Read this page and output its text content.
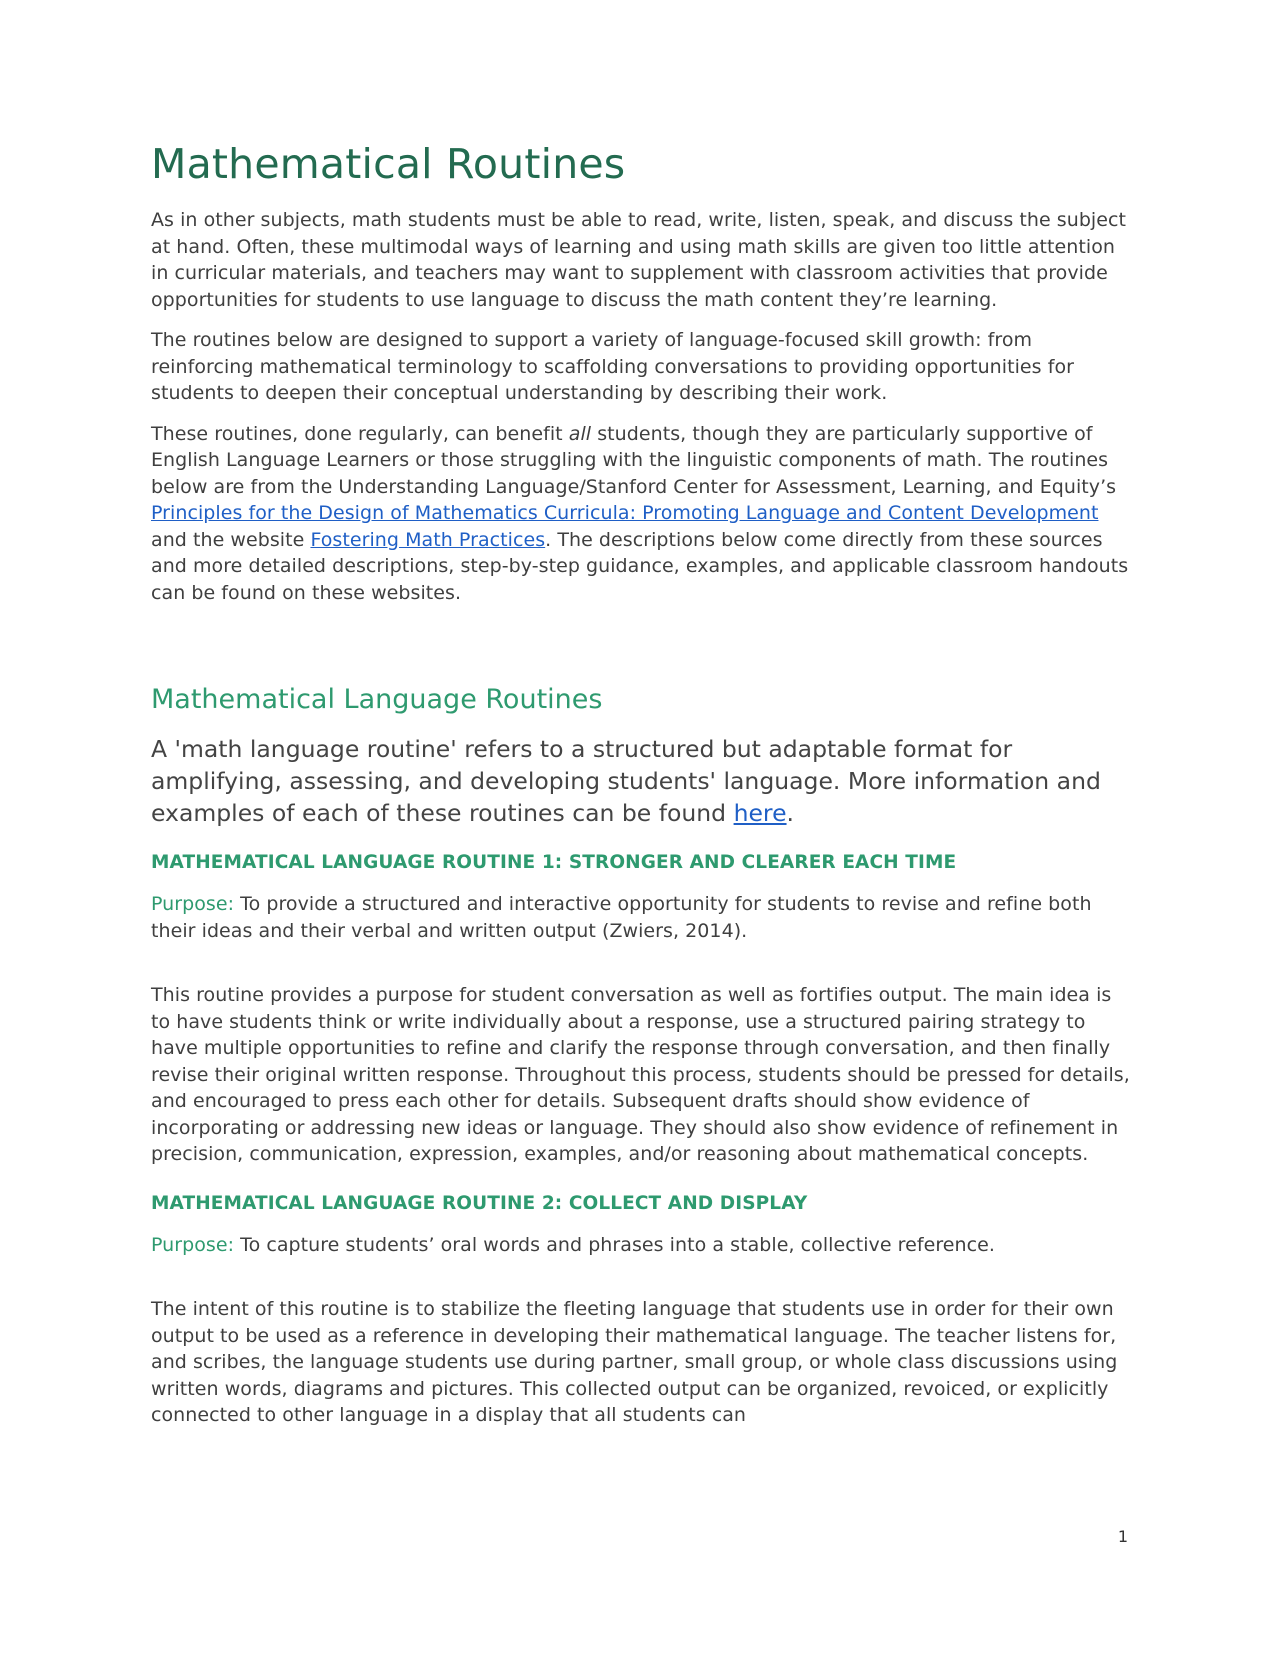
Mathematical Routines

As in other subjects, math students must be able to read, write, listen, speak, and discuss the subject at hand. Often, these multimodal ways of learning and using math skills are given too little attention in curricular materials, and teachers may want to supplement with classroom activities that provide opportunities for students to use language to discuss the math content they’re learning.

The routines below are designed to support a variety of language-focused skill growth: from reinforcing mathematical terminology to scaffolding conversations to providing opportunities for students to deepen their conceptual understanding by describing their work.

These routines, done regularly, can benefit all students, though they are particularly supportive of English Language Learners or those struggling with the linguistic components of math. The routines below are from the Understanding Language/Stanford Center for Assessment, Learning, and Equity’s Principles for the Design of Mathematics Curricula: Promoting Language and Content Development and the website Fostering Math Practices. The descriptions below come directly from these sources and more detailed descriptions, step-by-step guidance, examples, and applicable classroom handouts can be found on these websites.

Mathematical Language Routines

A 'math language routine' refers to a structured but adaptable format for amplifying, assessing, and developing students' language. More information and examples of each of these routines can be found here.

MATHEMATICAL LANGUAGE ROUTINE 1: STRONGER AND CLEARER EACH TIME

Purpose: To provide a structured and interactive opportunity for students to revise and refine both their ideas and their verbal and written output (Zwiers, 2014).

This routine provides a purpose for student conversation as well as fortifies output. The main idea is to have students think or write individually about a response, use a structured pairing strategy to have multiple opportunities to refine and clarify the response through conversation, and then finally revise their original written response. Throughout this process, students should be pressed for details, and encouraged to press each other for details. Subsequent drafts should show evidence of incorporating or addressing new ideas or language. They should also show evidence of refinement in precision, communication, expression, examples, and/or reasoning about mathematical concepts.

MATHEMATICAL LANGUAGE ROUTINE 2: COLLECT AND DISPLAY

Purpose: To capture students’ oral words and phrases into a stable, collective reference.

The intent of this routine is to stabilize the fleeting language that students use in order for their own output to be used as a reference in developing their mathematical language. The teacher listens for, and scribes, the language students use during partner, small group, or whole class discussions using written words, diagrams and pictures. This collected output can be organized, revoiced, or explicitly connected to other language in a display that all students can

1
